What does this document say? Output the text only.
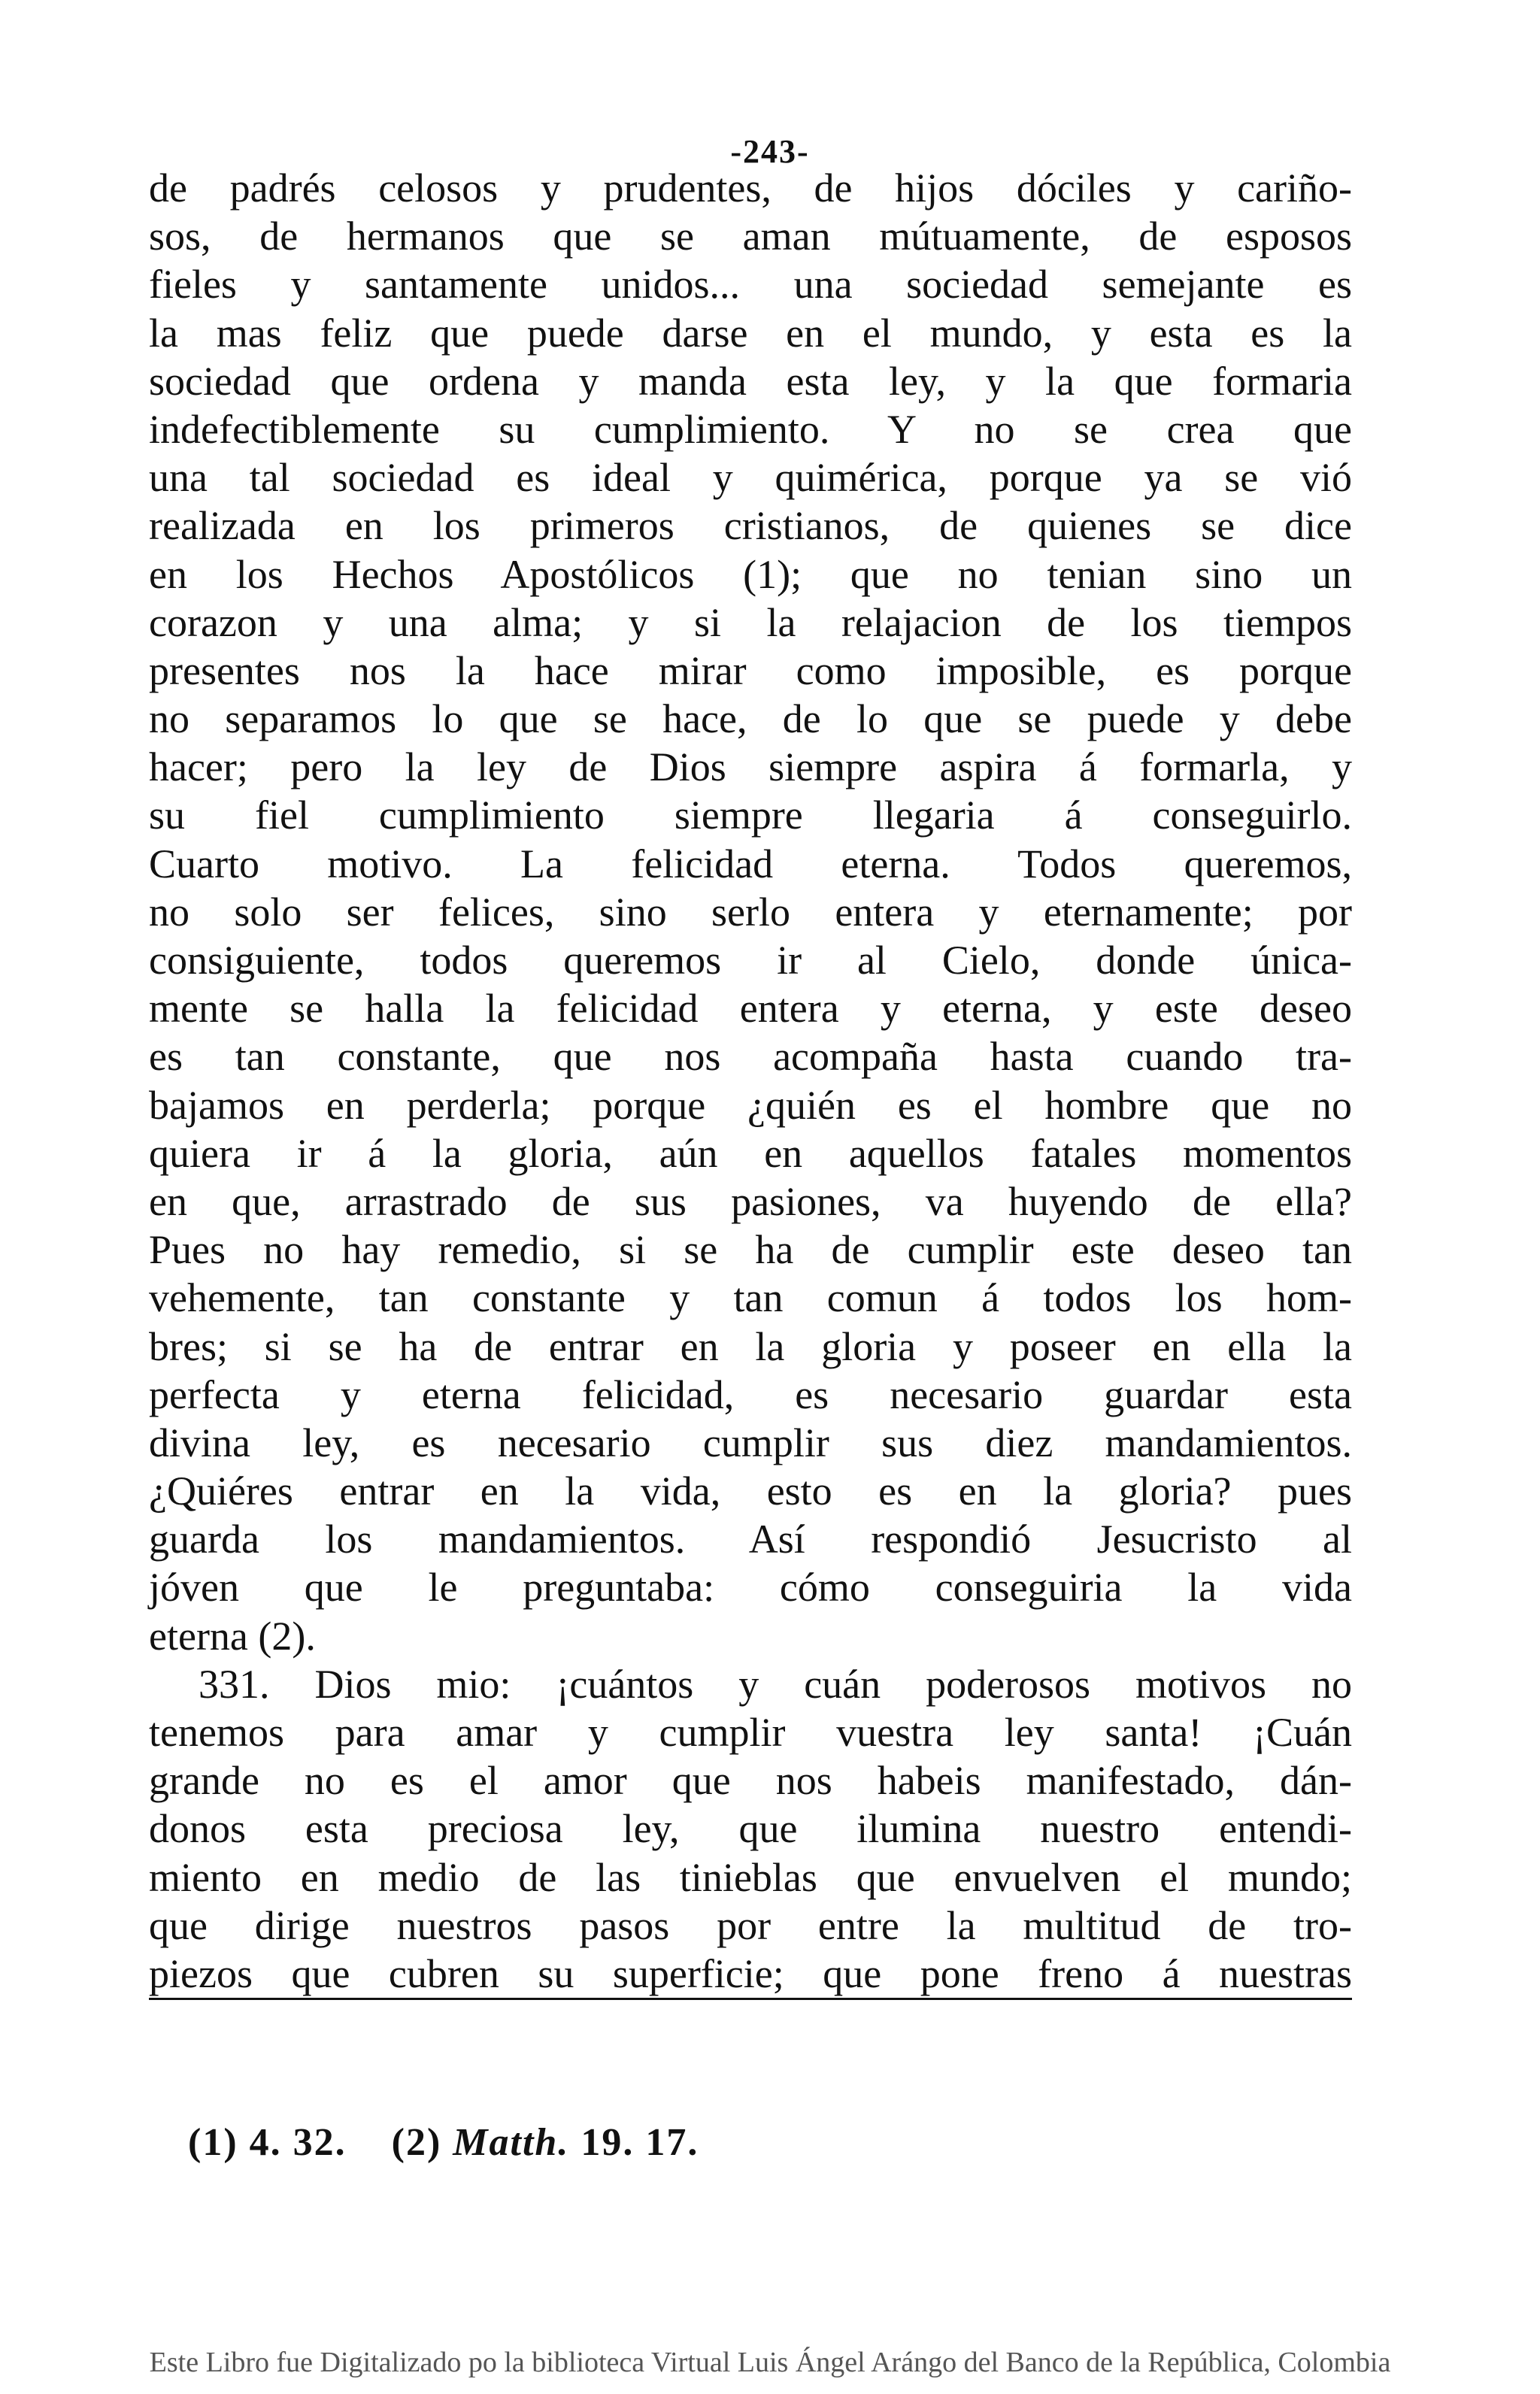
-243-
de padrés celosos y prudentes, de hijos dóciles y cariño-
sos, de hermanos que se aman mútuamente, de esposos
fieles y santamente unidos... una sociedad semejante es
la mas feliz que puede darse en el mundo, y esta es la
sociedad que ordena y manda esta ley, y la que formaria
indefectiblemente su cumplimiento. Y no se crea que
una tal sociedad es ideal y quimérica, porque ya se vió
realizada en los primeros cristianos, de quienes se dice
en los Hechos Apostólicos (1); que no tenian sino un
corazon y una alma; y si la relajacion de los tiempos
presentes nos la hace mirar como imposible, es porque
no separamos lo que se hace, de lo que se puede y debe
hacer; pero la ley de Dios siempre aspira á formarla, y
su fiel cumplimiento siempre llegaria á conseguirlo.
Cuarto motivo. La felicidad eterna. Todos queremos,
no solo ser felices, sino serlo entera y eternamente; por
consiguiente, todos queremos ir al Cielo, donde única-
mente se halla la felicidad entera y eterna, y este deseo
es tan constante, que nos acompaña hasta cuando tra-
bajamos en perderla; porque ¿quién es el hombre que no
quiera ir á la gloria, aún en aquellos fatales momentos
en que, arrastrado de sus pasiones, va huyendo de ella?
Pues no hay remedio, si se ha de cumplir este deseo tan
vehemente, tan constante y tan comun á todos los hom-
bres; si se ha de entrar en la gloria y poseer en ella la
perfecta y eterna felicidad, es necesario guardar esta
divina ley, es necesario cumplir sus diez mandamientos.
¿Quiéres entrar en la vida, esto es en la gloria? pues
guarda los mandamientos. Así respondió Jesucristo al
jóven que le preguntaba: cómo conseguiria la vida
eterna (2).
331. Dios mio: ¡cuántos y cuán poderosos motivos no
tenemos para amar y cumplir vuestra ley santa! ¡Cuán
grande no es el amor que nos habeis manifestado, dán-
donos esta preciosa ley, que ilumina nuestro entendi-
miento en medio de las tinieblas que envuelven el mundo;
que dirige nuestros pasos por entre la multitud de tro-
piezos que cubren su superficie; que pone freno á nuestras
(1) 4. 32. (2) Matth. 19. 17.
Este Libro fue Digitalizado po la biblioteca Virtual Luis Ángel Arángo del Banco de la República, Colombia
